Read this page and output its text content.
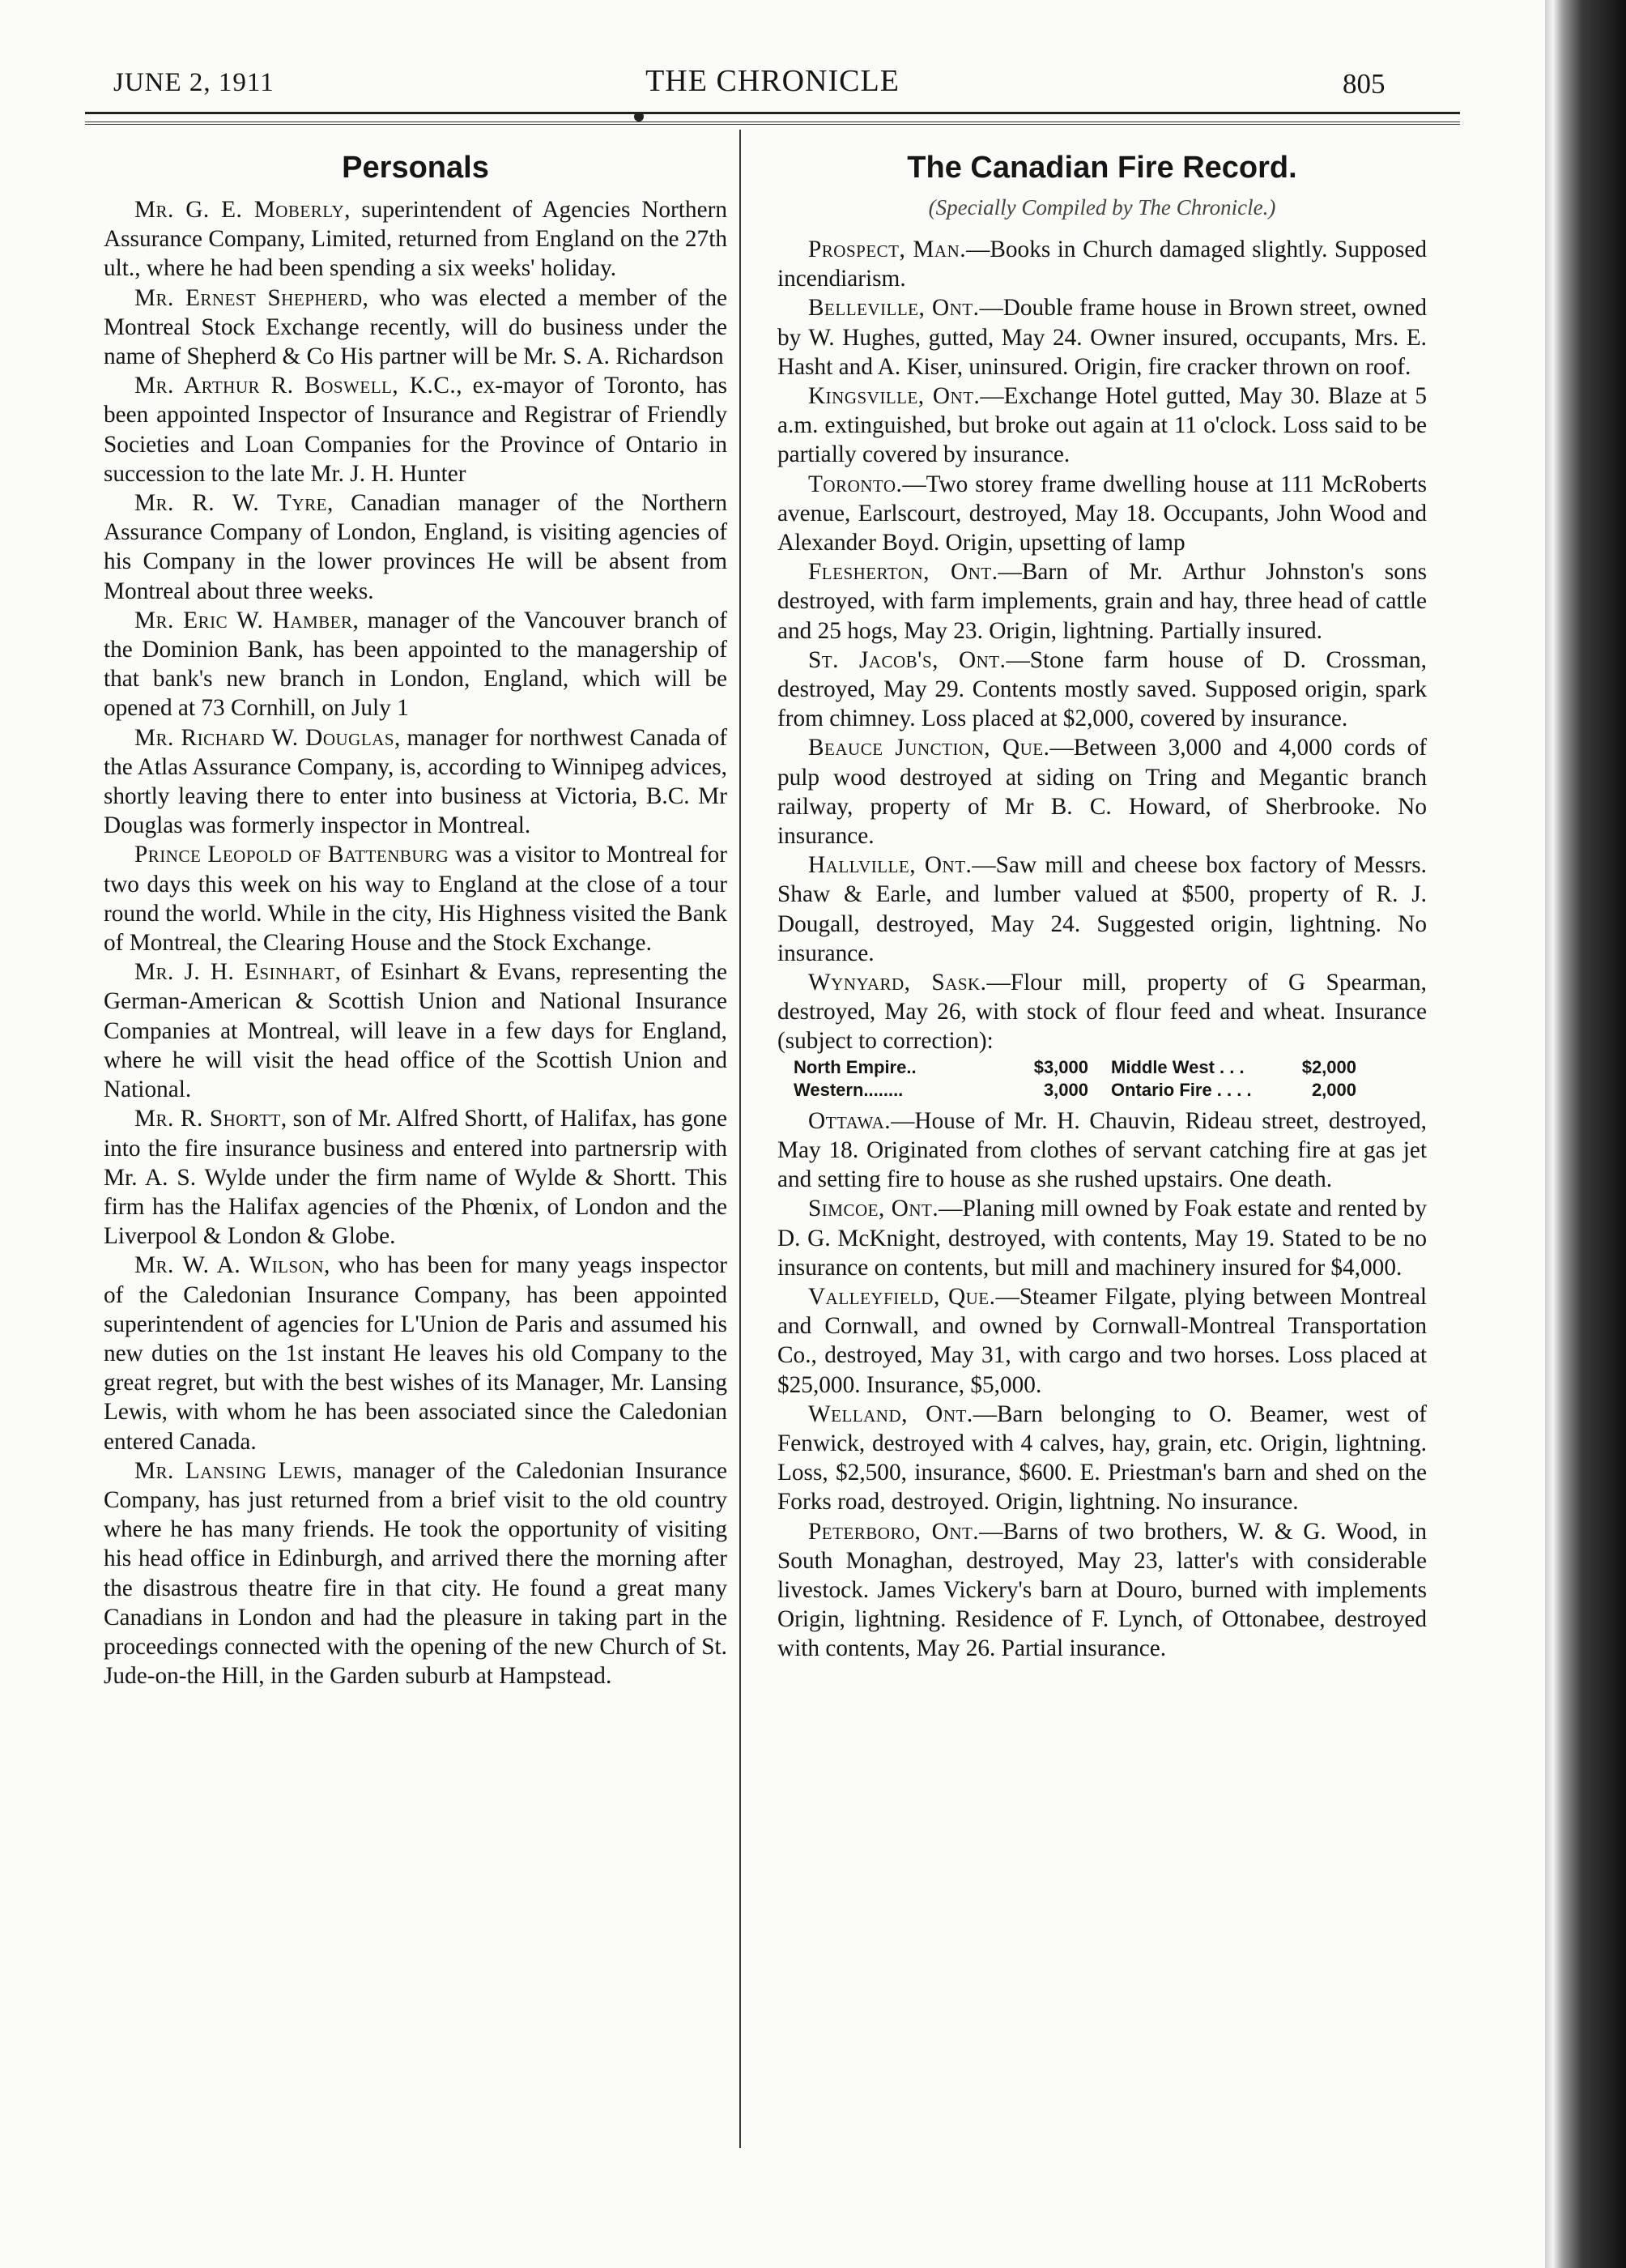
JUNE 2, 1911	THE CHRONICLE	805
Personals

Mr. G. E. Moberly, superintendent of Agencies Northern Assurance Company, Limited, returned from England on the 27th ult., where he had been spending a six weeks' holiday.

Mr. Ernest Shepherd, who was elected a member of the Montreal Stock Exchange recently, will do business under the name of Shepherd & Co His partner will be Mr. S. A. Richardson

Mr. Arthur R. Boswell, K.C., ex-mayor of Toronto, has been appointed Inspector of Insurance and Registrar of Friendly Societies and Loan Companies for the Province of Ontario in succession to the late Mr. J. H. Hunter

Mr. R. W. Tyre, Canadian manager of the Northern Assurance Company of London, England, is visiting agencies of his Company in the lower provinces He will be absent from Montreal about three weeks.

Mr. Eric W. Hamber, manager of the Vancouver branch of the Dominion Bank, has been appointed to the managership of that bank's new branch in London, England, which will be opened at 73 Cornhill, on July 1

Mr. Richard W. Douglas, manager for northwest Canada of the Atlas Assurance Company, is, according to Winnipeg advices, shortly leaving there to enter into business at Victoria, B.C. Mr Douglas was formerly inspector in Montreal.

Prince Leopold of Battenburg was a visitor to Montreal for two days this week on his way to England at the close of a tour round the world. While in the city, His Highness visited the Bank of Montreal, the Clearing House and the Stock Exchange.

Mr. J. H. Esinhart, of Esinhart & Evans, representing the German-American & Scottish Union and National Insurance Companies at Montreal, will leave in a few days for England, where he will visit the head office of the Scottish Union and National.

Mr. R. Shortt, son of Mr. Alfred Shortt, of Halifax, has gone into the fire insurance business and entered into partnersrip with Mr. A. S. Wylde under the firm name of Wylde & Shortt. This firm has the Halifax agencies of the Phœnix, of London and the Liverpool & London & Globe.

Mr. W. A. Wilson, who has been for many yeags inspector of the Caledonian Insurance Company, has been appointed superintendent of agencies for L'Union de Paris and assumed his new duties on the 1st instant He leaves his old Company to the great regret, but with the best wishes of its Manager, Mr. Lansing Lewis, with whom he has been associated since the Caledonian entered Canada.

Mr. Lansing Lewis, manager of the Caledonian Insurance Company, has just returned from a brief visit to the old country where he has many friends. He took the opportunity of visiting his head office in Edinburgh, and arrived there the morning after the disastrous theatre fire in that city. He found a great many Canadians in London and had the pleasure in taking part in the proceedings connected with the opening of the new Church of St. Jude-on-the Hill, in the Garden suburb at Hampstead.

The Canadian Fire Record.
(Specially Compiled by The Chronicle.)

Prospect, Man.—Books in Church damaged slightly. Supposed incendiarism.

Belleville, Ont.—Double frame house in Brown street, owned by W. Hughes, gutted, May 24. Owner insured, occupants, Mrs. E. Hasht and A. Kiser, uninsured. Origin, fire cracker thrown on roof.

Kingsville, Ont.—Exchange Hotel gutted, May 30. Blaze at 5 a.m. extinguished, but broke out again at 11 o'clock. Loss said to be partially covered by insurance.

Toronto.—Two storey frame dwelling house at 111 McRoberts avenue, Earlscourt, destroyed, May 18. Occupants, John Wood and Alexander Boyd. Origin, upsetting of lamp

Flesherton, Ont.—Barn of Mr. Arthur Johnston's sons destroyed, with farm implements, grain and hay, three head of cattle and 25 hogs, May 23. Origin, lightning. Partially insured.

St. Jacob's, Ont.—Stone farm house of D. Crossman, destroyed, May 29. Contents mostly saved. Supposed origin, spark from chimney. Loss placed at $2,000, covered by insurance.

Beauce Junction, Que.—Between 3,000 and 4,000 cords of pulp wood destroyed at siding on Tring and Megantic branch railway, property of Mr B. C. Howard, of Sherbrooke. No insurance.

Hallville, Ont.—Saw mill and cheese box factory of Messrs. Shaw & Earle, and lumber valued at $500, property of R. J. Dougall, destroyed, May 24. Suggested origin, lightning. No insurance.

Wynyard, Sask.—Flour mill, property of G Spearman, destroyed, May 26, with stock of flour feed and wheat. Insurance (subject to correction):

North Empire..	$3,000	Middle West . . .	$2,000
Western........	3,000	Ontario Fire . . . .	2,000

Ottawa.—House of Mr. H. Chauvin, Rideau street, destroyed, May 18. Originated from clothes of servant catching fire at gas jet and setting fire to house as she rushed upstairs. One death.

Simcoe, Ont.—Planing mill owned by Foak estate and rented by D. G. McKnight, destroyed, with contents, May 19. Stated to be no insurance on contents, but mill and machinery insured for $4,000.

Valleyfield, Que.—Steamer Filgate, plying between Montreal and Cornwall, and owned by Cornwall-Montreal Transportation Co., destroyed, May 31, with cargo and two horses. Loss placed at $25,000. Insurance, $5,000.

Welland, Ont.—Barn belonging to O. Beamer, west of Fenwick, destroyed with 4 calves, hay, grain, etc. Origin, lightning. Loss, $2,500, insurance, $600. E. Priestman's barn and shed on the Forks road, destroyed. Origin, lightning. No insurance.

Peterboro, Ont.—Barns of two brothers, W. & G. Wood, in South Monaghan, destroyed, May 23, latter's with considerable livestock. James Vickery's barn at Douro, burned with implements Origin, lightning. Residence of F. Lynch, of Ottonabee, destroyed with contents, May 26. Partial insurance.
